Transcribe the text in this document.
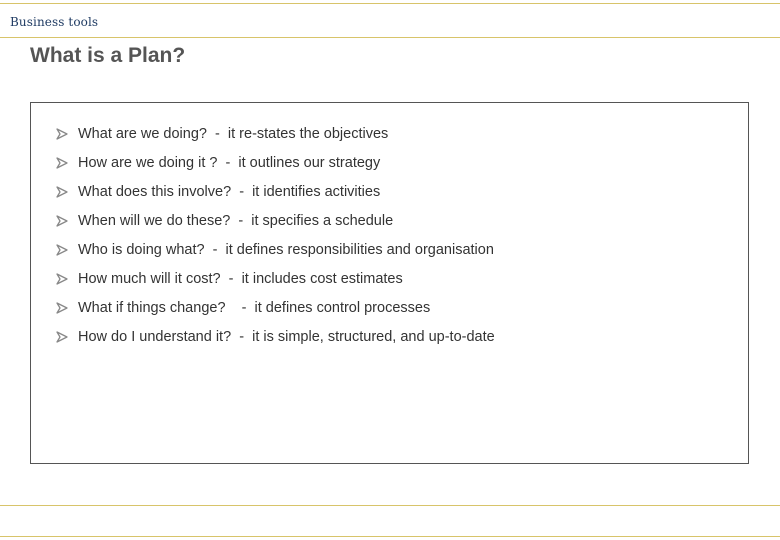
Business tools
What is a Plan?
What are we doing?  -  it re-states the objectives
How are we doing it ?  -  it outlines our strategy
What does this involve?  -  it identifies activities
When will we do these?  -  it specifies a schedule
Who is doing what?  -  it defines responsibilities and organisation
How much will it cost?  -  it includes cost estimates
What if things change?    -  it defines control processes
How do I understand it?  -  it is simple, structured, and up-to-date
